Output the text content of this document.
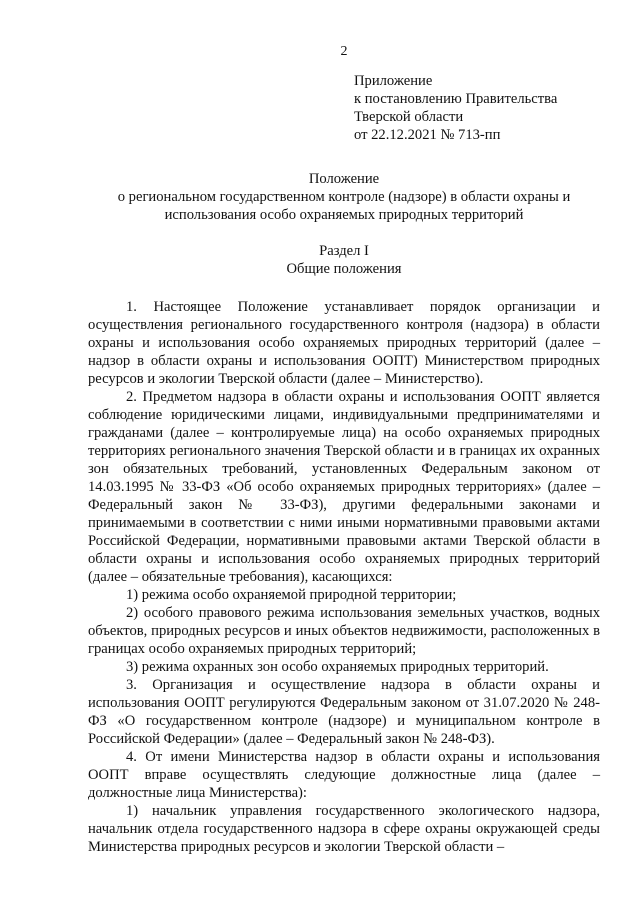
2
Приложение
к постановлению Правительства
Тверской области
от 22.12.2021 № 713-пп
Положение
о региональном государственном контроле (надзоре) в области охраны и
использования особо охраняемых природных территорий
Раздел I
Общие положения

1. Настоящее Положение устанавливает порядок организации и осуществления регионального государственного контроля (надзора) в области охраны и использования особо охраняемых природных территорий (далее – надзор в области охраны и использования ООПТ) Министерством природных ресурсов и экологии Тверской области (далее – Министерство).

2. Предметом надзора в области охраны и использования ООПТ является соблюдение юридическими лицами, индивидуальными предпринимателями и гражданами (далее – контролируемые лица) на особо охраняемых природных территориях регионального значения Тверской области и в границах их охранных зон обязательных требований, установленных Федеральным законом от 14.03.1995 № 33-ФЗ «Об особо охраняемых природных территориях» (далее – Федеральный закон № 33-ФЗ), другими федеральными законами и принимаемыми в соответствии с ними иными нормативными правовыми актами Российской Федерации, нормативными правовыми актами Тверской области в области охраны и использования особо охраняемых природных территорий (далее – обязательные требования), касающихся:

1) режима особо охраняемой природной территории;

2) особого правового режима использования земельных участков, водных объектов, природных ресурсов и иных объектов недвижимости, расположенных в границах особо охраняемых природных территорий;

3) режима охранных зон особо охраняемых природных территорий.

3. Организация и осуществление надзора в области охраны и использования ООПТ регулируются Федеральным законом от 31.07.2020 № 248-ФЗ «О государственном контроле (надзоре) и муниципальном контроле в Российской Федерации» (далее – Федеральный закон № 248-ФЗ).

4. От имени Министерства надзор в области охраны и использования ООПТ вправе осуществлять следующие должностные лица (далее – должностные лица Министерства):

1) начальник управления государственного экологического надзора, начальник отдела государственного надзора в сфере охраны окружающей среды Министерства природных ресурсов и экологии Тверской области –
